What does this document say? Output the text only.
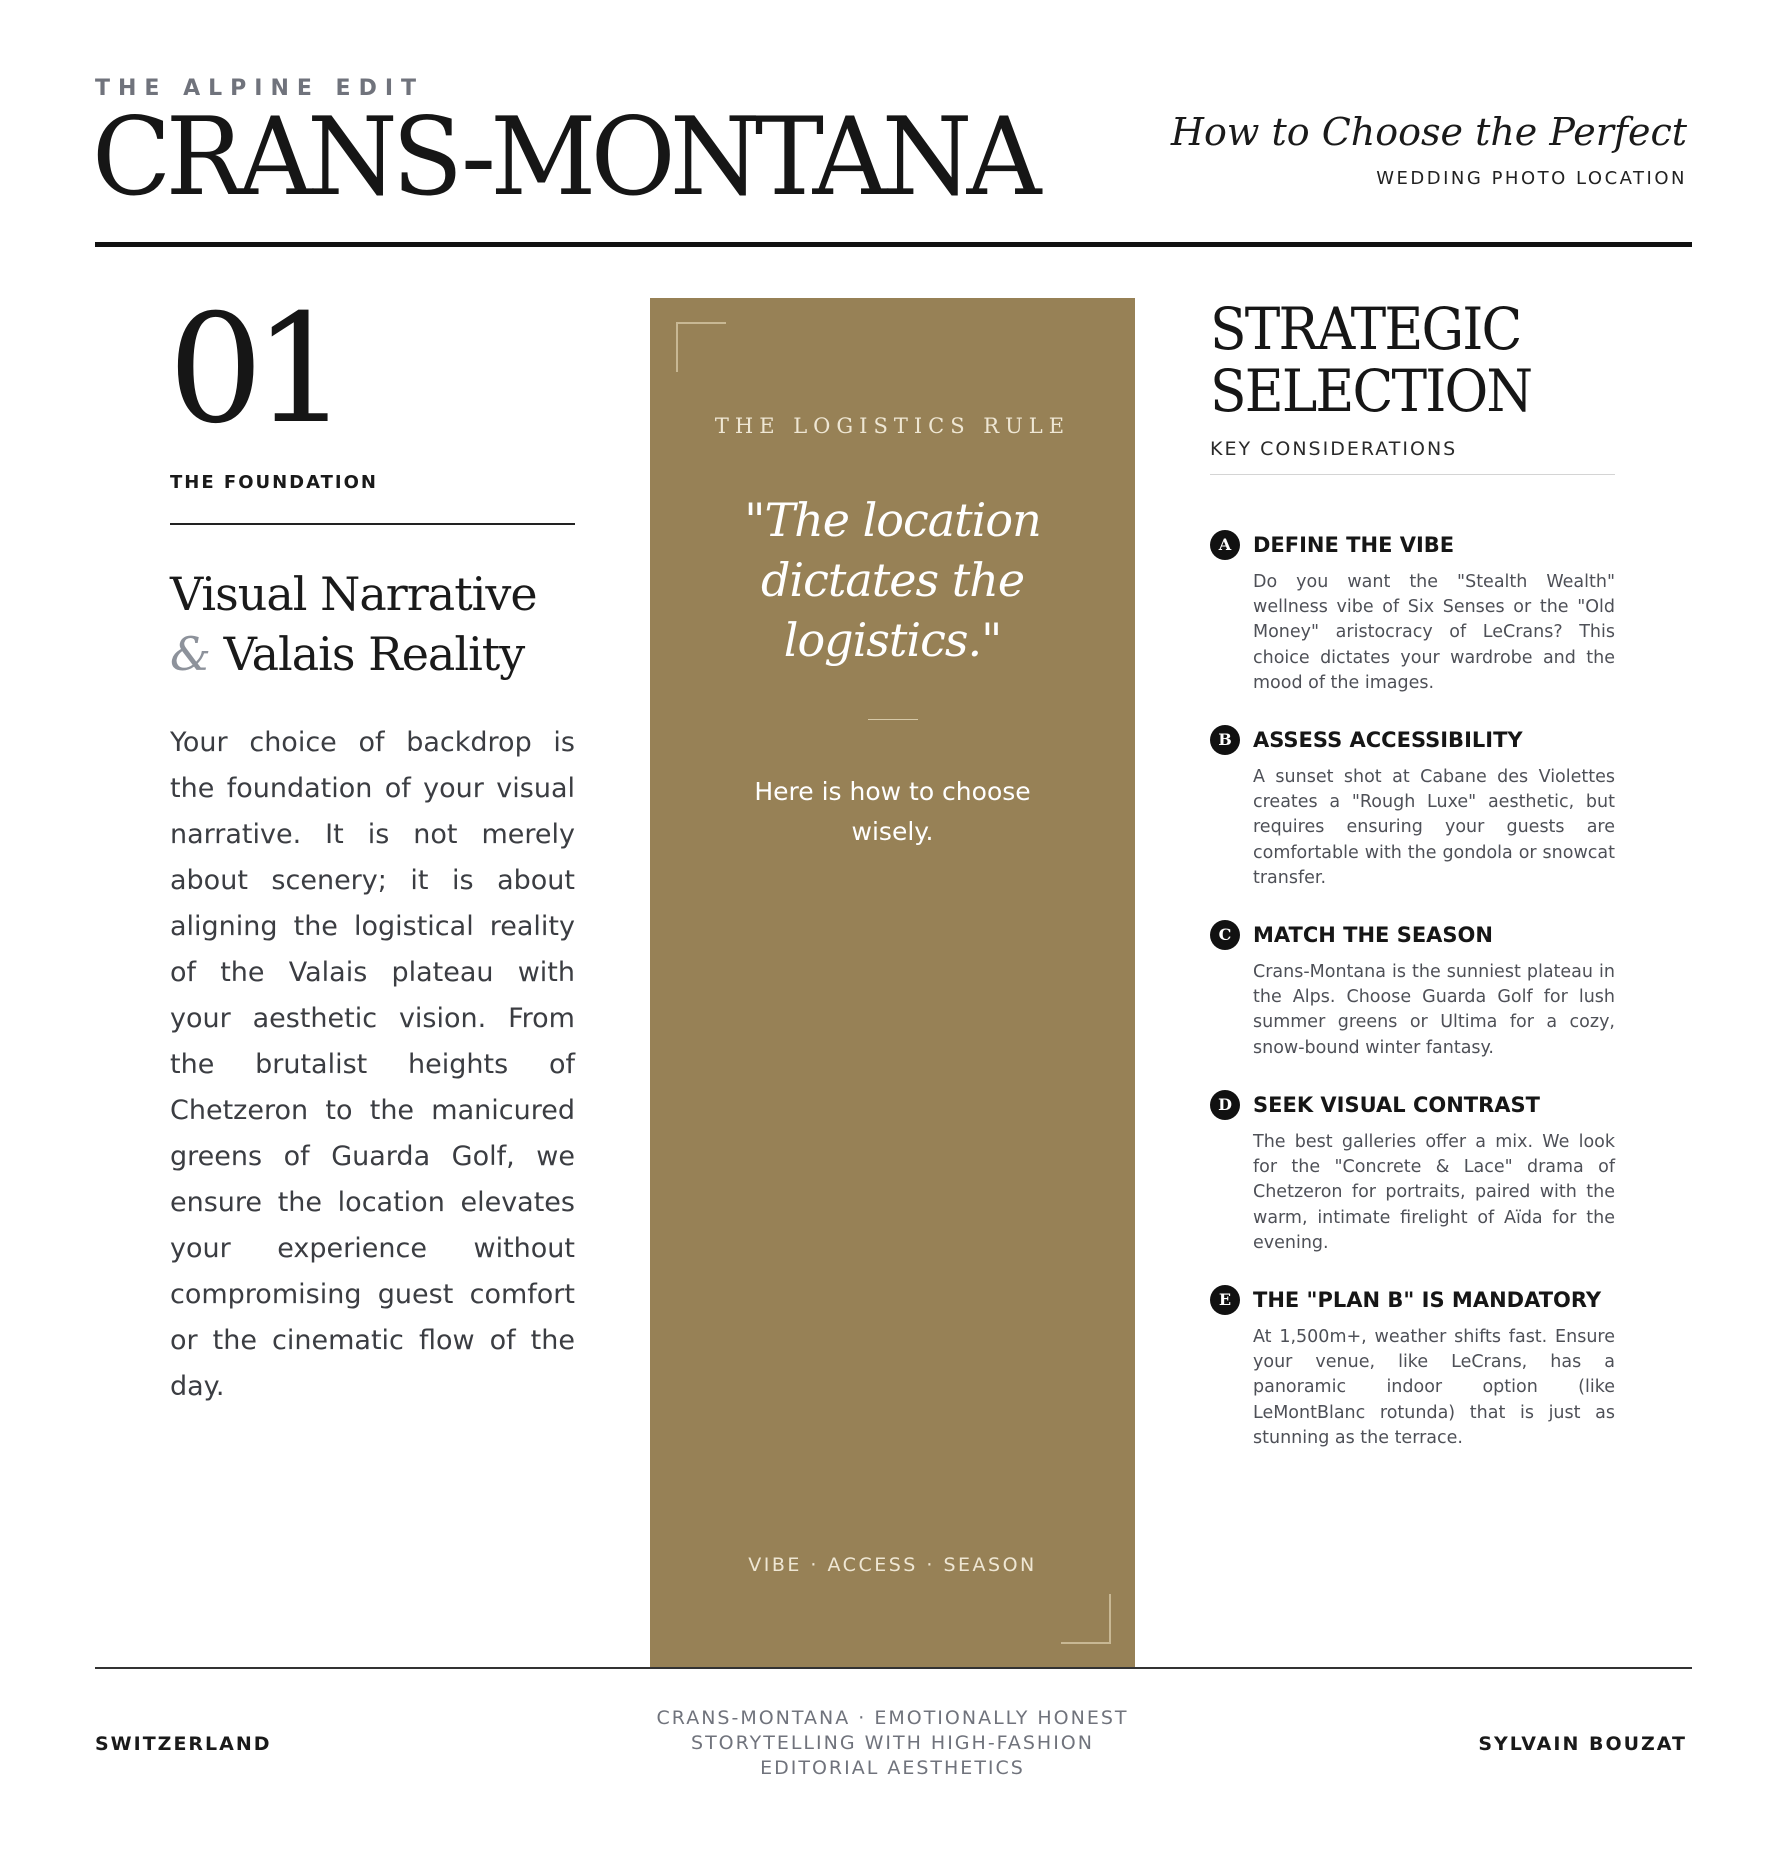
THE ALPINE EDIT
CRANS-MONTANA	How to Choose the Perfect
WEDDING PHOTO LOCATION
01
THE FOUNDATION
Visual Narrative
& Valais Reality

Your choice of backdrop is the foundation of your visual narrative. It is not merely about scenery; it is about aligning the logistical reality of the Valais plateau with your aesthetic vision. From the brutalist heights of Chetzeron to the manicured greens of Guarda Golf, we ensure the location elevates your experience without compromising guest comfort or the cinematic flow of the day.

THE LOGISTICS RULE
"The location dictates the logistics."
Here is how to choose wisely.
VIBE · ACCESS · SEASON
STRATEGIC
SELECTION
KEY CONSIDERATIONS
A	DEFINE THE VIBE
Do you want the "Stealth Wealth" wellness vibe of Six Senses or the "Old Money" aristocracy of LeCrans? This choice dictates your wardrobe and the mood of the images.
B	ASSESS ACCESSIBILITY
A sunset shot at Cabane des Violettes creates a "Rough Luxe" aesthetic, but requires ensuring your guests are comfortable with the gondola or snowcat transfer.
C	MATCH THE SEASON
Crans-Montana is the sunniest plateau in the Alps. Choose Guarda Golf for lush summer greens or Ultima for a cozy, snow-bound winter fantasy.
D	SEEK VISUAL CONTRAST
The best galleries offer a mix. We look for the "Concrete & Lace" drama of Chetzeron for portraits, paired with the warm, intimate firelight of Aïda for the evening.
E	THE "PLAN B" IS MANDATORY
At 1,500m+, weather shifts fast. Ensure your venue, like LeCrans, has a panoramic indoor option (like LeMontBlanc rotunda) that is just as stunning as the terrace.
SWITZERLAND
CRANS-MONTANA · EMOTIONALLY HONEST
STORYTELLING WITH HIGH-FASHION
EDITORIAL AESTHETICS
SYLVAIN BOUZAT
